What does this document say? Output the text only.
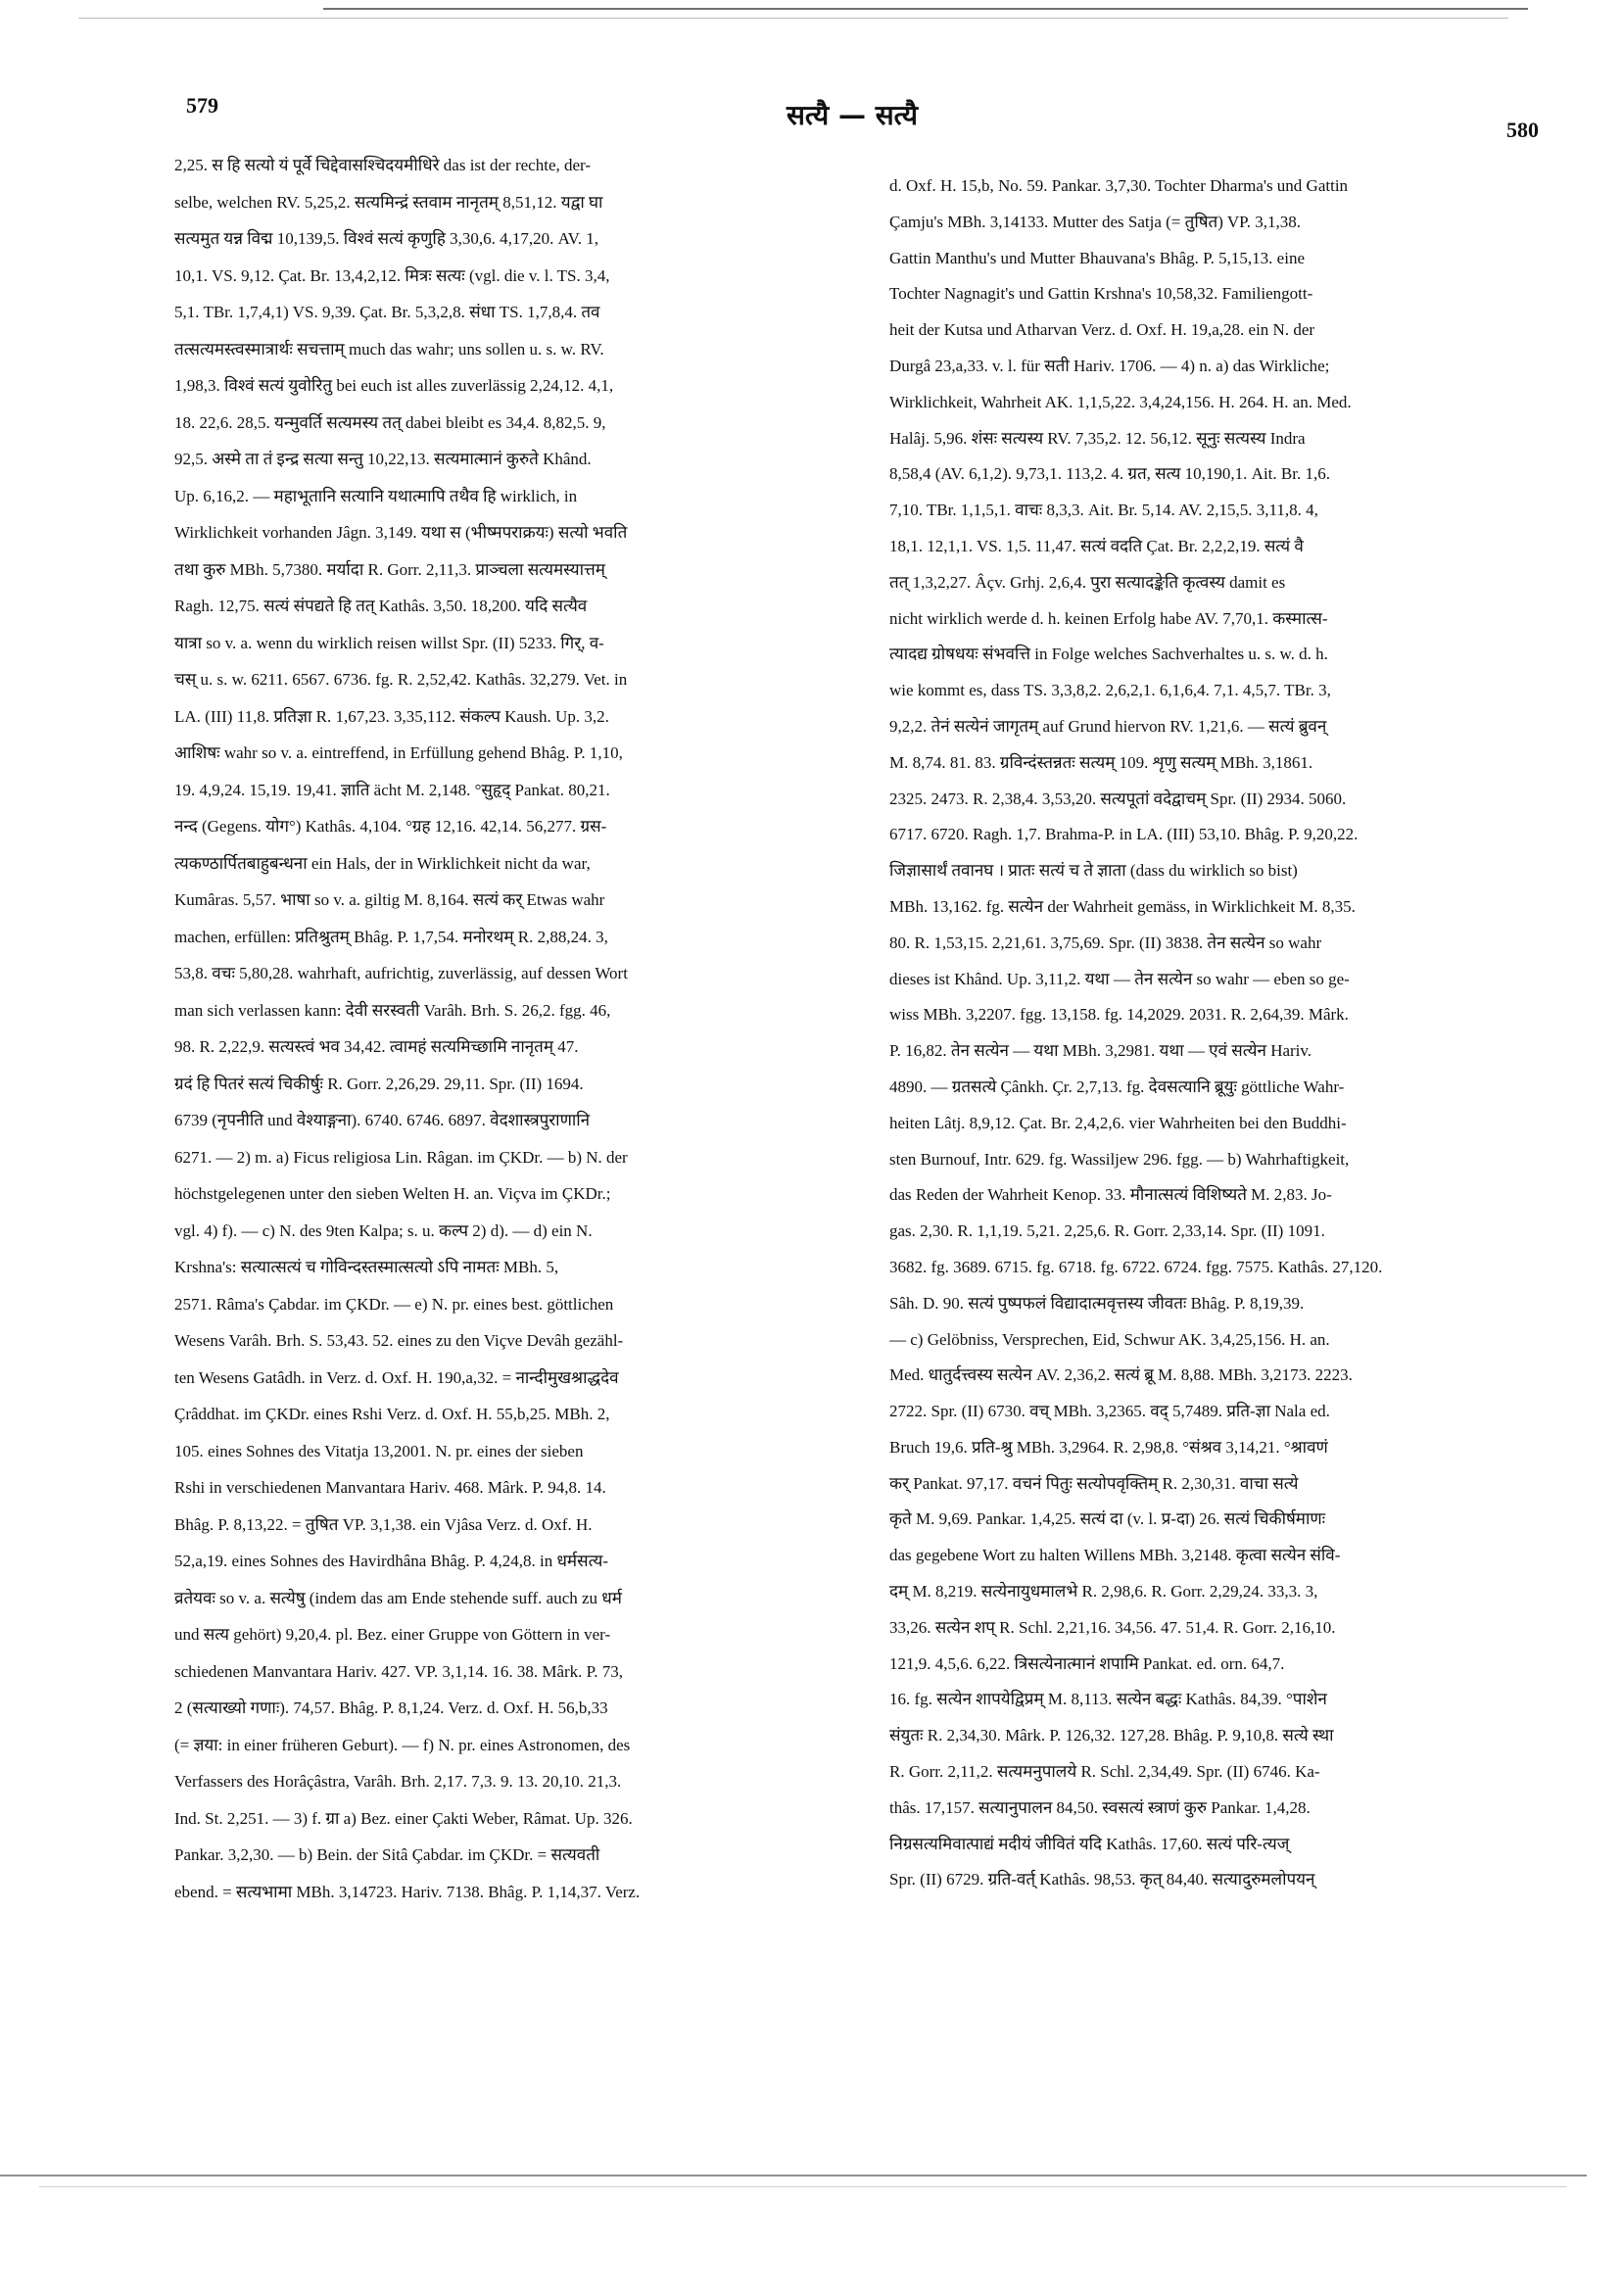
579	सत्यै — सत्यै	580
2,25. स हि सत्यो यं पूर्वे चिद्देवासश्चिदयमीधिरे das ist der rechte, der-
selbe, welchen RV. 5,25,2. सत्यमिन्द्रं स्तवाम नानृतम् 8,51,12. यद्वा घा
सत्यमुत यन्न विद्म 10,139,5. विश्वं सत्यं कृणुहि 3,30,6. 4,17,20. AV. 1,
10,1. VS. 9,12. Çat. Br. 13,4,2,12. मित्रः सत्यः (vgl. die v. l. TS. 3,4,
5,1. TBr. 1,7,4,1) VS. 9,39. Çat. Br. 5,3,2,8. संधा TS. 1,7,8,4. तव
तत्सत्यमस्त्वस्मात्रार्थः सचत्ताम् much das wahr; uns sollen u. s. w. RV.
1,98,3. विश्वं सत्यं युवोरितु bei euch ist alles zuverlässig 2,24,12. 4,1,
18. 22,6. 28,5. यन्मुवर्ति सत्यमस्य तत् dabei bleibt es 34,4. 8,82,5. 9,
92,5. अस्मे ता तं इन्द्र सत्या सन्तु 10,22,13. सत्यमात्मानं कुरुते Khând.
Up. 6,16,2. — महाभूतानि सत्यानि यथात्मापि तथैव हि wirklich, in
Wirklichkeit vorhanden Jâgn. 3,149. यथा स (भीष्मपराक्रयः) सत्यो भवति
तथा कुरु MBh. 5,7380. मर्यादा R. Gorr. 2,11,3. प्राञ्चला सत्यमस्यात्तम्
Ragh. 12,75. सत्यं संपद्यते हि तत् Kathâs. 3,50. 18,200. यदि सत्यैव
यात्रा so v. a. wenn du wirklich reisen willst Spr. (II) 5233. गिर्, व-
चस् u. s. w. 6211. 6567. 6736. fg. R. 2,52,42. Kathâs. 32,279. Vet. in
LA. (III) 11,8. प्रतिज्ञा R. 1,67,23. 3,35,112. संकल्प Kaush. Up. 3,2.
आशिषः wahr so v. a. eintreffend, in Erfüllung gehend Bhâg. P. 1,10,
19. 4,9,24. 15,19. 19,41. ज्ञाति ächt M. 2,148. °सुहृद् Pankat. 80,21.
नन्द (Gegens. योग°) Kathâs. 4,104. °ग्रह 12,16. 42,14. 56,277. ग्रस-
त्यकण्ठार्पितबाहुबन्धना ein Hals, der in Wirklichkeit nicht da war,
Kumâras. 5,57. भाषा so v. a. giltig M. 8,164. सत्यं कर् Etwas wahr
machen, erfüllen: प्रतिश्रुतम् Bhâg. P. 1,7,54. मनोरथम् R. 2,88,24. 3,
53,8. वचः 5,80,28. wahrhaft, aufrichtig, zuverlässig, auf dessen Wort
man sich verlassen kann: देवी सरस्वती Varâh. Brh. S. 26,2. fgg. 46,
98. R. 2,22,9. सत्यस्त्वं भव 34,42. त्वामहं सत्यमिच्छामि नानृतम् 47.
ग्रदं हि पितरं सत्यं चिकीर्षुः R. Gorr. 2,26,29. 29,11. Spr. (II) 1694.
6739 (नृपनीति und वेश्याङ्गना). 6740. 6746. 6897. वेदशास्त्रपुराणानि
6271. — 2) m. a) Ficus religiosa Lin. Râgan. im ÇKDr. — b) N. der
höchstgelegenen unter den sieben Welten H. an. Viçva im ÇKDr.;
vgl. 4) f). — c) N. des 9ten Kalpa; s. u. कल्प 2) d). — d) ein N.
Krshna's: सत्यात्सत्यं च गोविन्दस्तस्मात्सत्यो ऽपि नामतः MBh. 5,
2571. Râma's Çabdar. im ÇKDr. — e) N. pr. eines best. göttlichen
Wesens Varâh. Brh. S. 53,43. 52. eines zu den Viçve Devâh gezähl-
ten Wesens Gatâdh. in Verz. d. Oxf. H. 190,a,32. = नान्दीमुखश्राद्धदेव
Çrâddhat. im ÇKDr. eines Rshi Verz. d. Oxf. H. 55,b,25. MBh. 2,
105. eines Sohnes des Vitatja 13,2001. N. pr. eines der sieben
Rshi in verschiedenen Manvantara Hariv. 468. Mârk. P. 94,8. 14.
Bhâg. P. 8,13,22. = तुषित VP. 3,1,38. ein Vjâsa Verz. d. Oxf. H.
52,a,19. eines Sohnes des Havirdhâna Bhâg. P. 4,24,8. in धर्मसत्य-
व्रतेयवः so v. a. सत्येषु (indem das am Ende stehende suff. auch zu धर्म
und सत्य gehört) 9,20,4. pl. Bez. einer Gruppe von Göttern in ver-
schiedenen Manvantara Hariv. 427. VP. 3,1,14. 16. 38. Mârk. P. 73,
2 (सत्याख्यो गणाः). 74,57. Bhâg. P. 8,1,24. Verz. d. Oxf. H. 56,b,33
(= ज्ञया: in einer früheren Geburt). — f) N. pr. eines Astronomen, des
Verfassers des Horâçâstra, Varâh. Brh. 2,17. 7,3. 9. 13. 20,10. 21,3.
Ind. St. 2,251. — 3) f. ग्रा a) Bez. einer Çakti Weber, Râmat. Up. 326.
Pankar. 3,2,30. — b) Bein. der Sitâ Çabdar. im ÇKDr. = सत्यवती
ebend. = सत्यभामा MBh. 3,14723. Hariv. 7138. Bhâg. P. 1,14,37. Verz.
d. Oxf. H. 15,b, No. 59. Pankar. 3,7,30. Tochter Dharma's und Gattin
Çamju's MBh. 3,14133. Mutter des Satja (= तुषित) VP. 3,1,38.
Gattin Manthu's und Mutter Bhauvana's Bhâg. P. 5,15,13. eine
Tochter Nagnagit's und Gattin Krshna's 10,58,32. Familiengott-
heit der Kutsa und Atharvan Verz. d. Oxf. H. 19,a,28. ein N. der
Durgâ 23,a,33. v. l. für सती Hariv. 1706. — 4) n. a) das Wirkliche;
Wirklichkeit, Wahrheit AK. 1,1,5,22. 3,4,24,156. H. 264. H. an. Med.
Halâj. 5,96. शंसः सत्यस्य RV. 7,35,2. 12. 56,12. सूनुः सत्यस्य Indra
8,58,4 (AV. 6,1,2). 9,73,1. 113,2. 4. ग्रत, सत्य 10,190,1. Ait. Br. 1,6.
7,10. TBr. 1,1,5,1. वाचः 8,3,3. Ait. Br. 5,14. AV. 2,15,5. 3,11,8. 4,
18,1. 12,1,1. VS. 1,5. 11,47. सत्यं वदति Çat. Br. 2,2,2,19. सत्यं वै
तत् 1,3,2,27. Âçv. Grhj. 2,6,4. पुरा सत्यादङ्केति कृत्वस्य damit es
nicht wirklich werde d. h. keinen Erfolg habe AV. 7,70,1. कस्मात्स-
त्यादद्य ग्रोषधयः संभवत्ति in Folge welches Sachverhaltes u. s. w. d. h.
wie kommt es, dass TS. 3,3,8,2. 2,6,2,1. 6,1,6,4. 7,1. 4,5,7. TBr. 3,
9,2,2. तेनं सत्येनं जागृतम् auf Grund hiervon RV. 1,21,6. — सत्यं ब्रुवन्
M. 8,74. 81. 83. ग्रविन्दंस्तन्नतः सत्यम् 109. शृणु सत्यम् MBh. 3,1861.
2325. 2473. R. 2,38,4. 3,53,20. सत्यपूतां वदेद्वाचम् Spr. (II) 2934. 5060.
6717. 6720. Ragh. 1,7. Brahma-P. in LA. (III) 53,10. Bhâg. P. 9,20,22.
जिज्ञासार्थं तवानघ । प्रातः सत्यं च ते ज्ञाता (dass du wirklich so bist)
MBh. 13,162. fg. सत्येन der Wahrheit gemäss, in Wirklichkeit M. 8,35.
80. R. 1,53,15. 2,21,61. 3,75,69. Spr. (II) 3838. तेन सत्येन so wahr
dieses ist Khând. Up. 3,11,2. यथा — तेन सत्येन so wahr — eben so ge-
wiss MBh. 3,2207. fgg. 13,158. fg. 14,2029. 2031. R. 2,64,39. Mârk.
P. 16,82. तेन सत्येन — यथा MBh. 3,2981. यथा — एवं सत्येन Hariv.
4890. — ग्रतसत्ये Çânkh. Çr. 2,7,13. fg. देवसत्यानि ब्रूयुः göttliche Wahr-
heiten Lâtj. 8,9,12. Çat. Br. 2,4,2,6. vier Wahrheiten bei den Buddhi-
sten Burnouf, Intr. 629. fg. Wassiljew 296. fgg. — b) Wahrhaftigkeit,
das Reden der Wahrheit Kenop. 33. मौनात्सत्यं विशिष्यते M. 2,83. Jo-
gas. 2,30. R. 1,1,19. 5,21. 2,25,6. R. Gorr. 2,33,14. Spr. (II) 1091.
3682. fg. 3689. 6715. fg. 6718. fg. 6722. 6724. fgg. 7575. Kathâs. 27,120.
Sâh. D. 90. सत्यं पुष्पफलं विद्यादात्मवृत्तस्य जीवतः Bhâg. P. 8,19,39.
— c) Gelöbniss, Versprechen, Eid, Schwur AK. 3,4,25,156. H. an.
Med. धातुर्दत्त्वस्य सत्येन AV. 2,36,2. सत्यं ब्रू M. 8,88. MBh. 3,2173. 2223.
2722. Spr. (II) 6730. वच् MBh. 3,2365. वद् 5,7489. प्रति-ज्ञा Nala ed.
Bruch 19,6. प्रति-श्रु MBh. 3,2964. R. 2,98,8. °संश्रव 3,14,21. °श्रावणं
कर् Pankat. 97,17. वचनं पितुः सत्योपवृक्तिम् R. 2,30,31. वाचा सत्ये
कृते M. 9,69. Pankar. 1,4,25. सत्यं दा (v. l. प्र-दा) 26. सत्यं चिकीर्षमाणः
das gegebene Wort zu halten Willens MBh. 3,2148. कृत्वा सत्येन संवि-
दम् M. 8,219. सत्येनायुधमालभे R. 2,98,6. R. Gorr. 2,29,24. 33,3. 3,
33,26. सत्येन शप् R. Schl. 2,21,16. 34,56. 47. 51,4. R. Gorr. 2,16,10.
121,9. 4,5,6. 6,22. त्रिसत्येनात्मानं शपामि Pankat. ed. orn. 64,7.
16. fg. सत्येन शापयेद्विप्रम् M. 8,113. सत्येन बद्धः Kathâs. 84,39. °पाशेन
संयुतः R. 2,34,30. Mârk. P. 126,32. 127,28. Bhâg. P. 9,10,8. सत्ये स्था
R. Gorr. 2,11,2. सत्यमनुपालये R. Schl. 2,34,49. Spr. (II) 6746. Ka-
thâs. 17,157. सत्यानुपालन 84,50. स्वसत्यं स्त्राणं कुरु Pankar. 1,4,28.
निग्रसत्यमिवात्पाद्यं मदीयं जीवितं यदि Kathâs. 17,60. सत्यं परि-त्यज्
Spr. (II) 6729. ग्रति-वर्त् Kathâs. 98,53. कृत् 84,40. सत्यादुरुमलोपयन्
